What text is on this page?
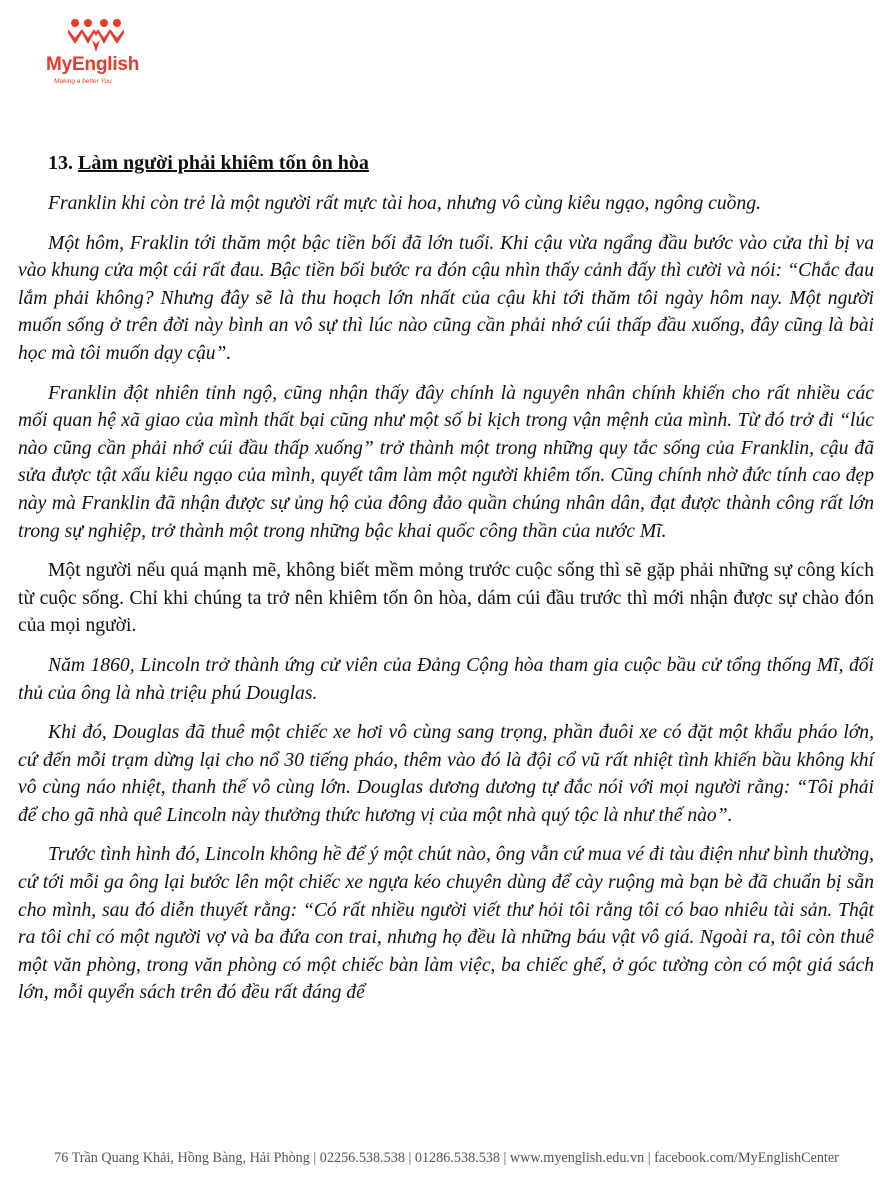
MyEnglish
Making a better You
13. Làm người phải khiêm tốn ôn hòa

Franklin khi còn trẻ là một người rất mực tài hoa, nhưng vô cùng kiêu ngạo, ngông cuồng.

Một hôm, Fraklin tới thăm một bậc tiền bối đã lớn tuổi. Khi cậu vừa ngẩng đầu bước vào cửa thì bị va vào khung cửa một cái rất đau. Bậc tiền bối bước ra đón cậu nhìn thấy cảnh đấy thì cười và nói: “Chắc đau lắm phải không? Nhưng đây sẽ là thu hoạch lớn nhất của cậu khi tới thăm tôi ngày hôm nay. Một người muốn sống ở trên đời này bình an vô sự thì lúc nào cũng cần phải nhớ cúi thấp đầu xuống, đây cũng là bài học mà tôi muốn dạy cậu”.

Franklin đột nhiên tỉnh ngộ, cũng nhận thấy đây chính là nguyên nhân chính khiến cho rất nhiều các mối quan hệ xã giao của mình thất bại cũng như một số bi kịch trong vận mệnh của mình. Từ đó trở đi “lúc nào cũng cần phải nhớ cúi đầu thấp xuống” trở thành một trong những quy tắc sống của Franklin, cậu đã sửa được tật xấu kiêu ngạo của mình, quyết tâm làm một người khiêm tốn. Cũng chính nhờ đức tính cao đẹp này mà Franklin đã nhận được sự ủng hộ của đông đảo quần chúng nhân dân, đạt được thành công rất lớn trong sự nghiệp, trở thành một trong những bậc khai quốc công thần của nước Mĩ.

Một người nếu quá mạnh mẽ, không biết mềm mỏng trước cuộc sống thì sẽ gặp phải những sự công kích từ cuộc sống. Chỉ khi chúng ta trở nên khiêm tốn ôn hòa, dám cúi đầu trước thì mới nhận được sự chào đón của mọi người.

Năm 1860, Lincoln trở thành ứng cử viên của Đảng Cộng hòa tham gia cuộc bầu cử tổng thống Mĩ, đối thủ của ông là nhà triệu phú Douglas.

Khi đó, Douglas đã thuê một chiếc xe hơi vô cùng sang trọng, phần đuôi xe có đặt một khẩu pháo lớn, cứ đến mỗi trạm dừng lại cho nổ 30 tiếng pháo, thêm vào đó là đội cổ vũ rất nhiệt tình khiến bầu không khí vô cùng náo nhiệt, thanh thế vô cùng lớn. Douglas dương dương tự đắc nói với mọi người rằng: “Tôi phải để cho gã nhà quê Lincoln này thưởng thức hương vị của một nhà quý tộc là như thế nào”.

Trước tình hình đó, Lincoln không hề để ý một chút nào, ông vẫn cứ mua vé đi tàu điện như bình thường, cứ tới mỗi ga ông lại bước lên một chiếc xe ngựa kéo chuyên dùng để cày ruộng mà bạn bè đã chuẩn bị sẵn cho mình, sau đó diễn thuyết rằng: “Có rất nhiều người viết thư hỏi tôi rằng tôi có bao nhiêu tài sản. Thật ra tôi chỉ có một người vợ và ba đứa con trai, nhưng họ đều là những báu vật vô giá. Ngoài ra, tôi còn thuê một văn phòng, trong văn phòng có một chiếc bàn làm việc, ba chiếc ghế, ở góc tường còn có một giá sách lớn, mỗi quyển sách trên đó đều rất đáng để

76 Trần Quang Khải, Hồng Bàng, Hải Phòng | 02256.538.538 | 01286.538.538 | www.myenglish.edu.vn | facebook.com/MyEnglishCenter
